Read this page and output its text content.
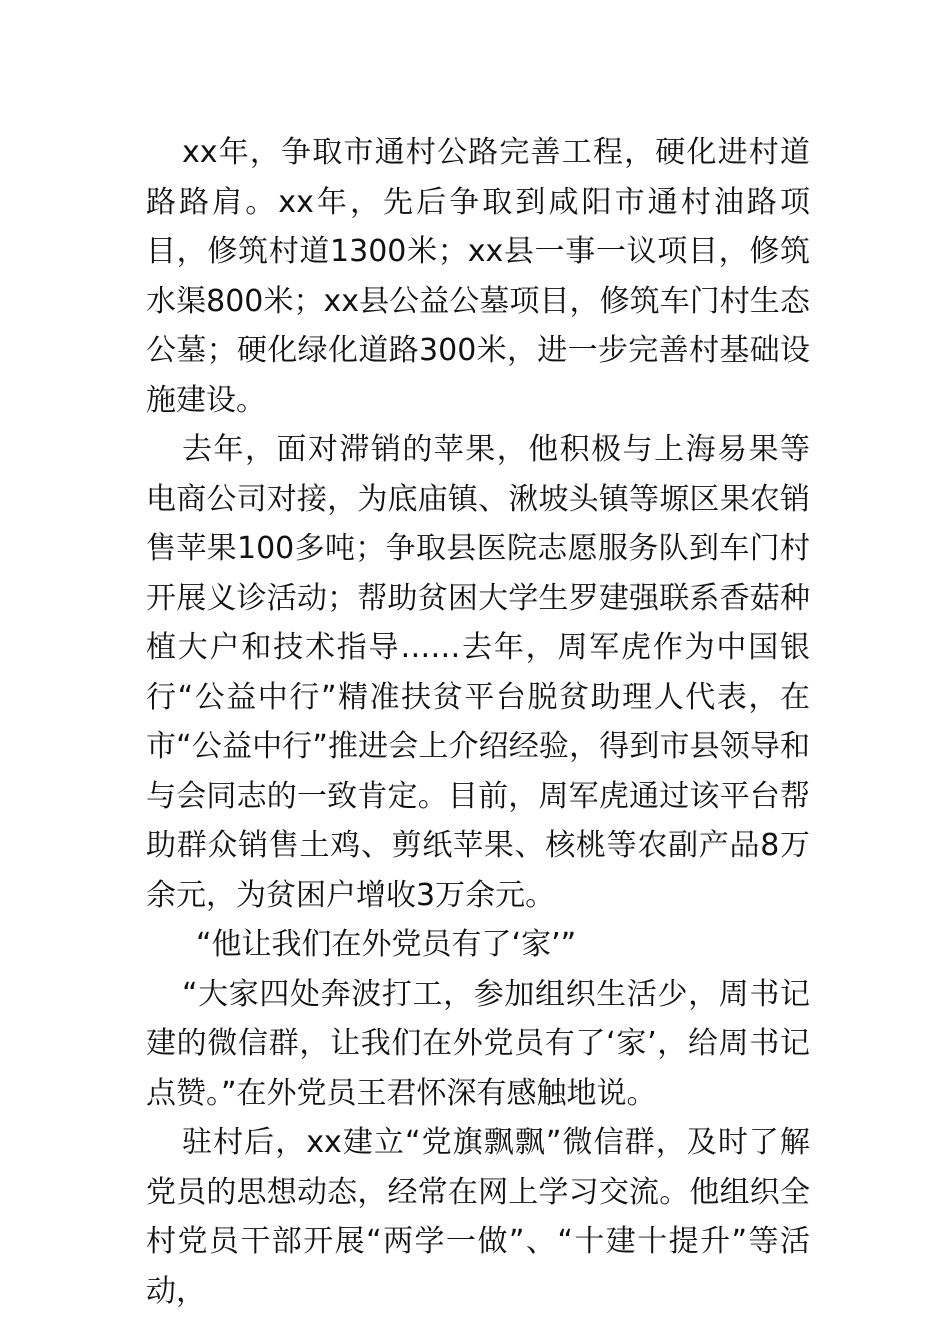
xx年，争取市通村公路完善工程，硬化进村道路路肩。xx年，先后争取到咸阳市通村油路项目，修筑村道1300米；xx县一事一议项目，修筑水渠800米；xx县公益公墓项目，修筑车门村生态公墓；硬化绿化道路300米，进一步完善村基础设施建设。

去年，面对滞销的苹果，他积极与上海易果等电商公司对接，为底庙镇、湫坡头镇等塬区果农销售苹果100多吨；争取县医院志愿服务队到车门村开展义诊活动；帮助贫困大学生罗建强联系香菇种植大户和技术指导……去年，周军虎作为中国银行“公益中行”精准扶贫平台脱贫助理人代表，在市“公益中行”推进会上介绍经验，得到市县领导和与会同志的一致肯定。目前，周军虎通过该平台帮助群众销售土鸡、剪纸苹果、核桃等农副产品8万余元，为贫困户增收3万余元。

“他让我们在外党员有了‘家’”

“大家四处奔波打工，参加组织生活少，周书记建的微信群，让我们在外党员有了‘家’，给周书记点赞。”在外党员王君怀深有感触地说。

驻村后，xx建立“党旗飘飘”微信群，及时了解党员的思想动态，经常在网上学习交流。他组织全村党员干部开展“两学一做”、“十建十提升”等活动，
